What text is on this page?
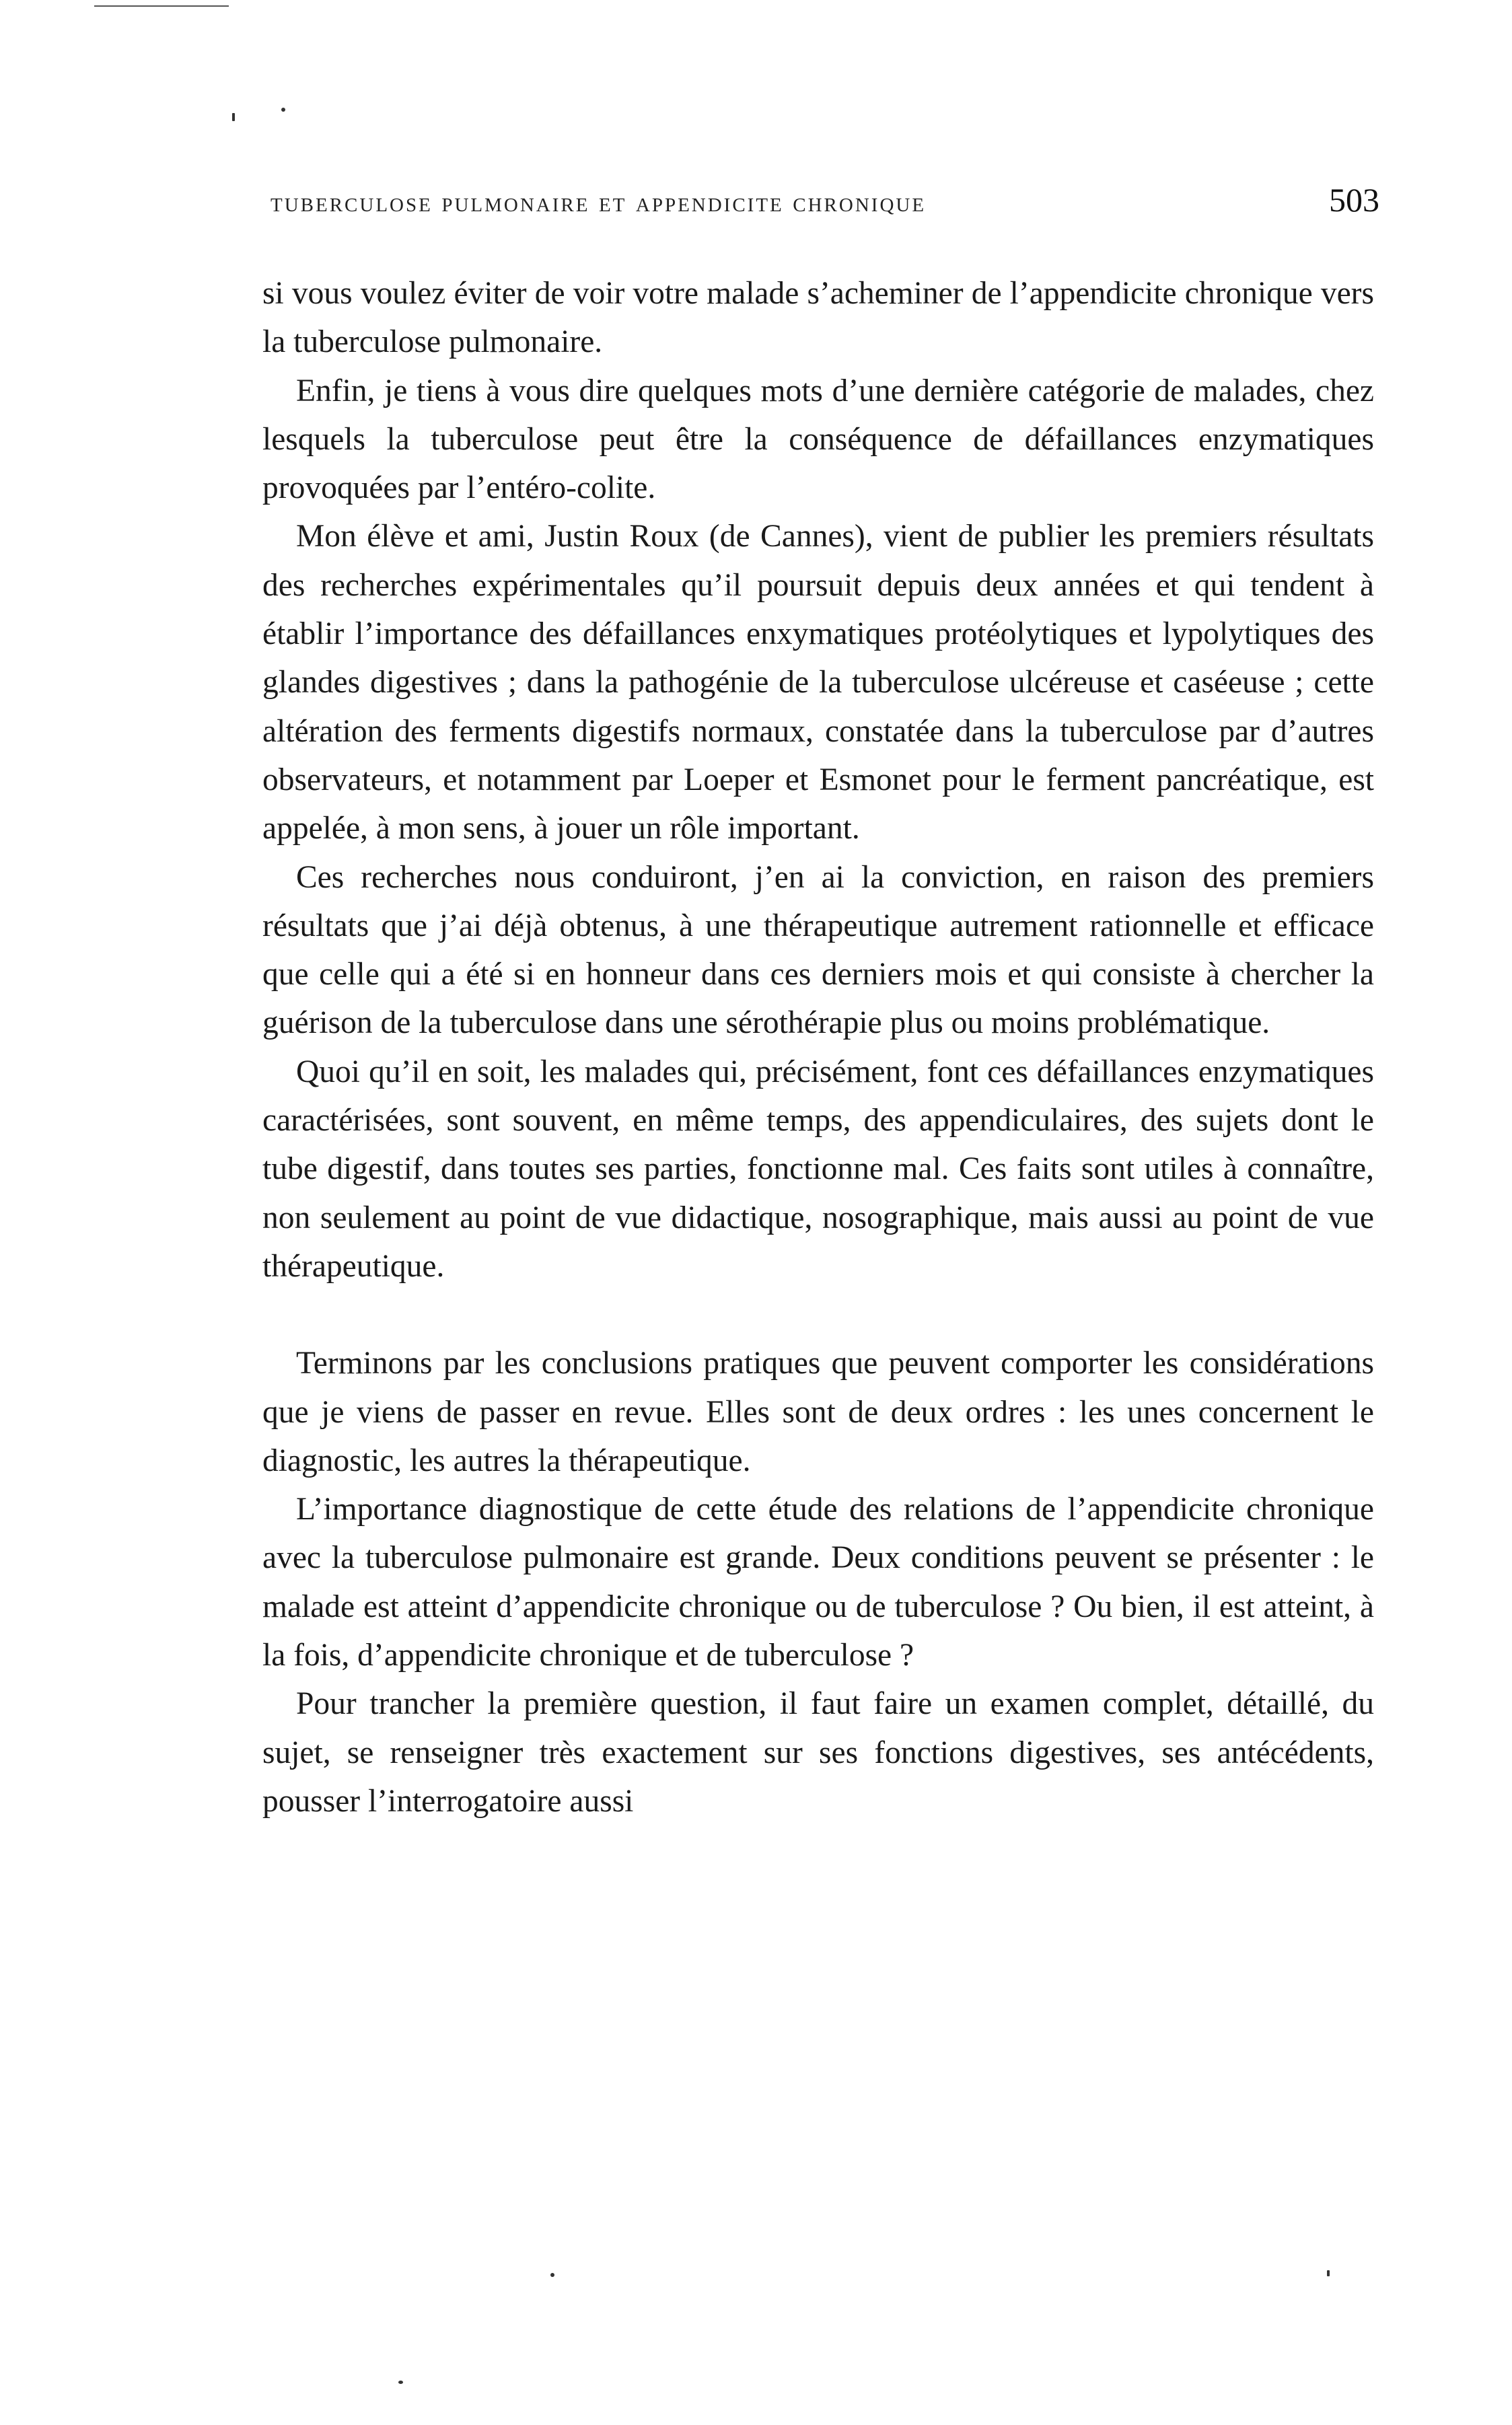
tuberculose pulmonaire et appendicite chronique	503

si vous voulez éviter de voir votre malade s’acheminer de l’appendicite chronique vers la tuberculose pulmonaire.

Enfin, je tiens à vous dire quelques mots d’une dernière catégorie de malades, chez lesquels la tuberculose peut être la conséquence de défaillances enzymatiques provoquées par l’entéro-colite.

Mon élève et ami, Justin Roux (de Cannes), vient de publier les premiers résultats des recherches expérimentales qu’il poursuit depuis deux années et qui tendent à établir l’importance des défaillances enxymatiques protéolytiques et lypolytiques des glandes digestives ; dans la pathogénie de la tuberculose ulcéreuse et caséeuse ; cette altération des ferments digestifs normaux, constatée dans la tuberculose par d’autres observateurs, et notamment par Loeper et Esmonet pour le ferment pancréatique, est appelée, à mon sens, à jouer un rôle important.

Ces recherches nous conduiront, j’en ai la conviction, en raison des premiers résultats que j’ai déjà obtenus, à une thérapeutique autrement rationnelle et efficace que celle qui a été si en honneur dans ces derniers mois et qui consiste à chercher la guérison de la tuberculose dans une sérothérapie plus ou moins problématique.

Quoi qu’il en soit, les malades qui, précisément, font ces défaillances enzymatiques caractérisées, sont souvent, en même temps, des appendiculaires, des sujets dont le tube digestif, dans toutes ses parties, fonctionne mal. Ces faits sont utiles à connaître, non seulement au point de vue didactique, nosographique, mais aussi au point de vue thérapeutique.

Terminons par les conclusions pratiques que peuvent comporter les considérations que je viens de passer en revue. Elles sont de deux ordres : les unes concernent le diagnostic, les autres la thérapeutique.

L’importance diagnostique de cette étude des relations de l’appendicite chronique avec la tuberculose pulmonaire est grande. Deux conditions peuvent se présenter : le malade est atteint d’appendicite chronique ou de tuberculose ? Ou bien, il est atteint, à la fois, d’appendicite chronique et de tuberculose ?

Pour trancher la première question, il faut faire un examen complet, détaillé, du sujet, se renseigner très exactement sur ses fonctions digestives, ses antécédents, pousser l’interrogatoire aussi
